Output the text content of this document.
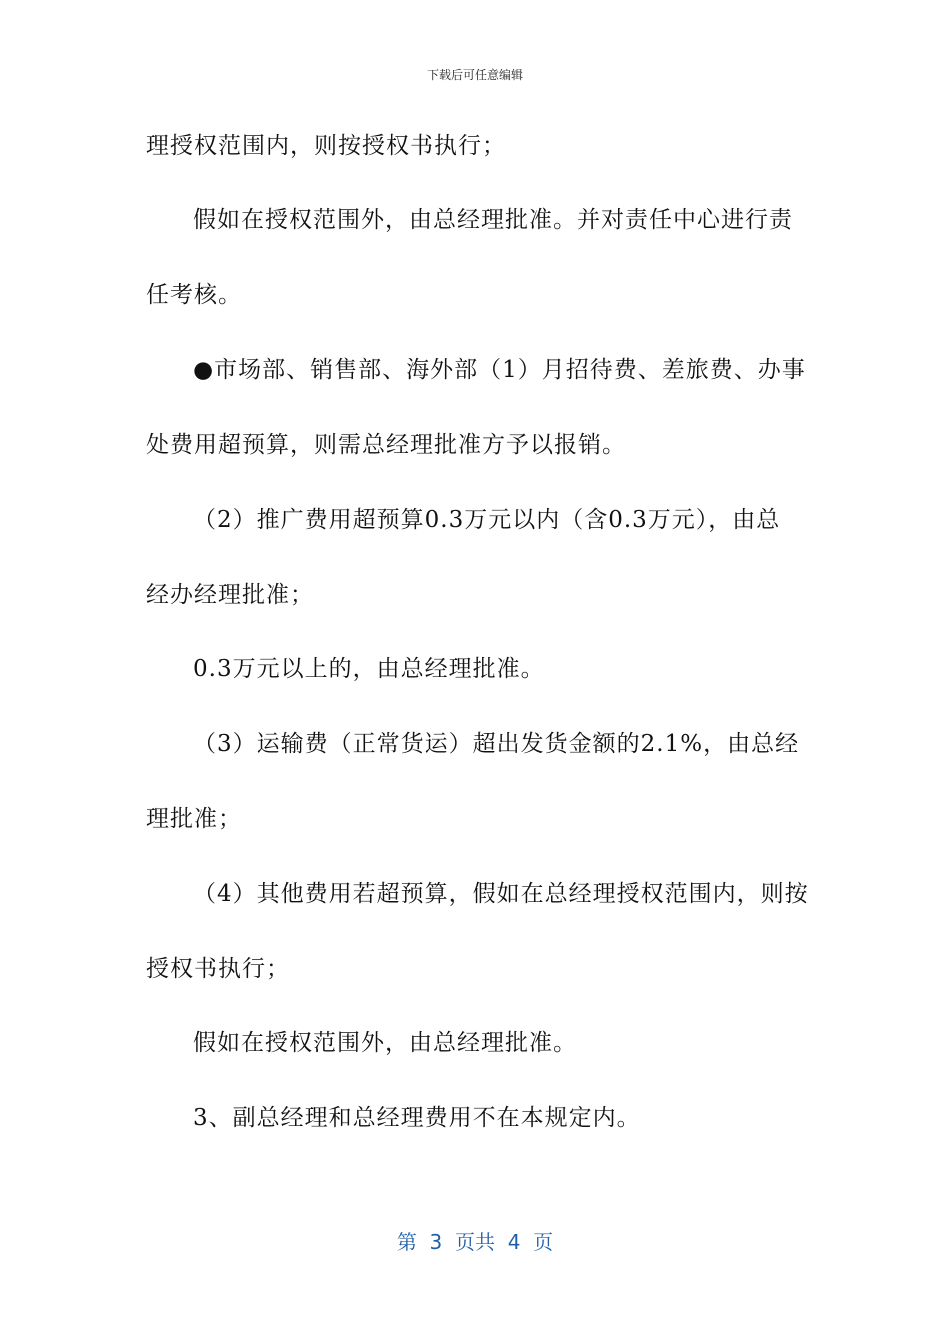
下载后可任意编辑
理授权范围内，则按授权书执行；
假如在授权范围外，由总经理批准。并对责任中心进行责
任考核。
●市场部、销售部、海外部（1）月招待费、差旅费、办事
处费用超预算，则需总经理批准方予以报销。
（2）推广费用超预算0.3万元以内（含0.3万元），由总
经办经理批准；
0.3万元以上的，由总经理批准。
（3）运输费（正常货运）超出发货金额的2.1%，由总经
理批准；
（4）其他费用若超预算，假如在总经理授权范围内，则按
授权书执行；
假如在授权范围外，由总经理批准。
3、副总经理和总经理费用不在本规定内。
第  3  页共  4  页
